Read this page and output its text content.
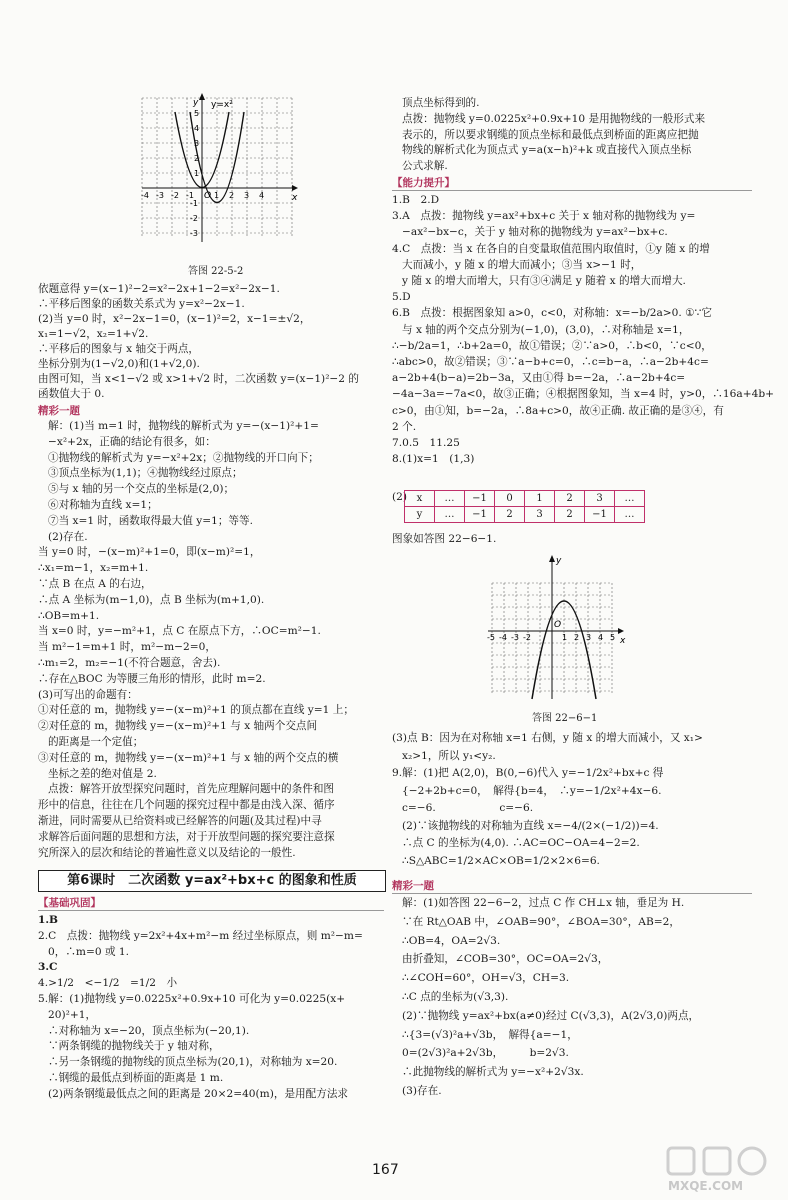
y=x²
y
x
O
-4 -3 -2 -1	1 2 3 4
5
4
3
2
1
-1
-2
-3
答图 22-5-2
依题意得 y=(x−1)²−2=x²−2x+1−2=x²−2x−1.
∴平移后图象的函数关系式为 y=x²−2x−1.
(2)当 y=0 时，x²−2x−1=0，(x−1)²=2，x−1=±√2，
x₁=1−√2，x₂=1+√2.
∴平移后的图象与 x 轴交于两点，
坐标分别为(1−√2,0)和(1+√2,0).
由图可知，当 x<1−√2 或 x>1+√2 时，二次函数 y=(x−1)²−2 的
函数值大于 0.
精彩一题
解：(1)当 m=1 时，抛物线的解析式为 y=−(x−1)²+1=
−x²+2x，正确的结论有很多，如：
①抛物线的解析式为 y=−x²+2x；②抛物线的开口向下；
③顶点坐标为(1,1)；④抛物线经过原点；
⑤与 x 轴的另一个交点的坐标是(2,0)；
⑥对称轴为直线 x=1；
⑦当 x=1 时，函数取得最大值 y=1；等等.
(2)存在.
当 y=0 时，−(x−m)²+1=0，即(x−m)²=1，
∴x₁=m−1，x₂=m+1.
∵点 B 在点 A 的右边，
∴点 A 坐标为(m−1,0)，点 B 坐标为(m+1,0).
∴OB=m+1.
当 x=0 时，y=−m²+1，点 C 在原点下方，∴OC=m²−1.
当 m²−1=m+1 时，m²−m−2=0，
∴m₁=2，m₂=−1(不符合题意，舍去).
∴存在△BOC 为等腰三角形的情形，此时 m=2.
(3)可写出的命题有：
①对任意的 m，抛物线 y=−(x−m)²+1 的顶点都在直线 y=1 上；
②对任意的 m，抛物线 y=−(x−m)²+1 与 x 轴两个交点间
的距离是一个定值；
③对任意的 m，抛物线 y=−(x−m)²+1 与 x 轴的两个交点的横
坐标之差的绝对值是 2.
点拨：解答开放型探究问题时，首先应理解问题中的条件和图
形中的信息，往往在几个问题的探究过程中都是由浅入深、循序
渐进，同时需要从已给资料或已经解答的问题(及其过程)中寻
求解答后面问题的思想和方法，对于开放型问题的探究要注意探
究所深入的层次和结论的普遍性意义以及结论的一般性.
第6课时　二次函数 y=ax²+bx+c 的图象和性质
【基础巩固】
1.B
2.C　点拨：抛物线 y=2x²+4x+m²−m 经过坐标原点，则 m²−m=
0，∴m=0 或 1.
3.C
4.>1/2　<−1/2　=1/2　小
5.解：(1)抛物线 y=0.0225x²+0.9x+10 可化为 y=0.0225(x+
20)²+1，
∴对称轴为 x=−20，顶点坐标为(−20,1).
∵两条钢缆的抛物线关于 y 轴对称，
∴另一条钢缆的抛物线的顶点坐标为(20,1)，对称轴为 x=20.
∴钢缆的最低点到桥面的距离是 1 m.
(2)两条钢缆最低点之间的距离是 20×2=40(m)，是用配方法求
顶点坐标得到的.
点拨：抛物线 y=0.0225x²+0.9x+10 是用抛物线的一般形式来
表示的，所以要求钢缆的顶点坐标和最低点到桥面的距离应把抛
物线的解析式化为顶点式 y=a(x−h)²+k 或直接代入顶点坐标
公式求解.
【能力提升】
1.B　2.D
3.A　点拨：抛物线 y=ax²+bx+c 关于 x 轴对称的抛物线为 y=
−ax²−bx−c，关于 y 轴对称的抛物线为 y=ax²−bx+c.
4.C　点拨：当 x 在各自的自变量取值范围内取值时，①y 随 x 的增
大而减小，y 随 x 的增大而减小；③当 x>−1 时，
y 随 x 的增大而增大，只有③④满足 y 随着 x 的增大而增大.
5.D
6.B　点拨：根据图象知 a>0，c<0，对称轴：x=−b/2a>0. ①∵它
与 x 轴的两个交点分别为(−1,0)，(3,0)，∴对称轴是 x=1，
∴−b/2a=1，∴b+2a=0，故①错误；②∵a>0，∴b<0，∵c<0，
∴abc>0，故②错误；③∵a−b+c=0，∴c=b−a，∴a−2b+4c=
a−2b+4(b−a)=2b−3a，又由①得 b=−2a，∴a−2b+4c=
−4a−3a=−7a<0，故③正确；④根据图象知，当 x=4 时，y>0，∴16a+4b+
c>0，由①知，b=−2a，∴8a+c>0，故④正确. 故正确的是③④，有
2 个.
7.0.5　11.25
8.(1)x=1　(1,3)
(2) x	…	−1	0	1	2	3	…
y	…	−1	2	3	2	−1	…
图象如答图 22−6−1.
y
x
O
-5 -4 -3 -2	1 2 3 4 5
答图 22−6−1
(3)点 B：因为在对称轴 x=1 右侧，y 随 x 的增大而减小，又 x₁>
x₂>1，所以 y₁<y₂.
9.解：(1)把 A(2,0)，B(0,−6)代入 y=−1/2x²+bx+c 得
{−2+2b+c=0，　解得{b=4，　∴y=−1/2x²+4x−6.
c=−6.　　　　　　c=−6.
(2)∵该抛物线的对称轴为直线 x=−4/(2×(−1/2))=4.
∴点 C 的坐标为(4,0). ∴AC=OC−OA=4−2=2.
∴S△ABC=1/2×AC×OB=1/2×2×6=6.
精彩一题
解：(1)如答图 22−6−2，过点 C 作 CH⊥x 轴，垂足为 H.
∵在 Rt△OAB 中，∠OAB=90°，∠BOA=30°，AB=2，
∴OB=4，OA=2√3.
由折叠知，∠COB=30°，OC=OA=2√3，
∴∠COH=60°，OH=√3，CH=3.
∴C 点的坐标为(√3,3).
(2)∵抛物线 y=ax²+bx(a≠0)经过 C(√3,3)，A(2√3,0)两点，
∴{3=(√3)²a+√3b，　解得{a=−1，
0=(2√3)²a+2√3b，　　　b=2√3.
∴此抛物线的解析式为 y=−x²+2√3x.
(3)存在.
167
MXQE.COM
